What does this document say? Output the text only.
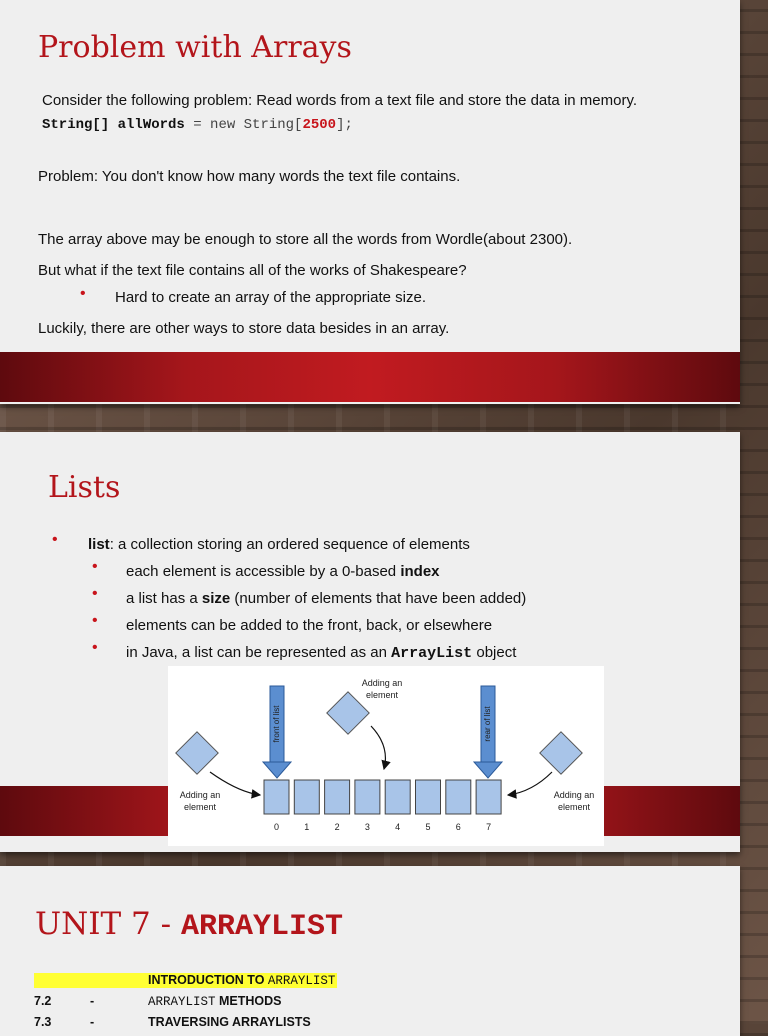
Problem with Arrays
Consider the following problem: Read words from a text file and store the data in memory.
String[] allWords = new String[2500];
Problem: You don't know how many words the text file contains.
The array above may be enough to store all the words from Wordle(about 2300).
But what if the text file contains all of the works of Shakespeare?
• Hard to create an array of the appropriate size.
Luckily, there are other ways to store data besides in an array.
Lists
• list: a collection storing an ordered sequence of elements
• each element is accessible by a 0-based index
• a list has a size (number of elements that have been added)
• elements can be added to the front, back, or elsewhere
• in Java, a list can be represented as an ArrayList object
Adding an element
Adding an element
Adding an element
front of list	rear of list
0	1	2	3	4	5	6	7
UNIT 7 - ARRAYLIST
INTRODUCTION TO ARRAYLIST
7.2	-	ARRAYLIST METHODS
7.3	-	TRAVERSING ARRAYLISTS
